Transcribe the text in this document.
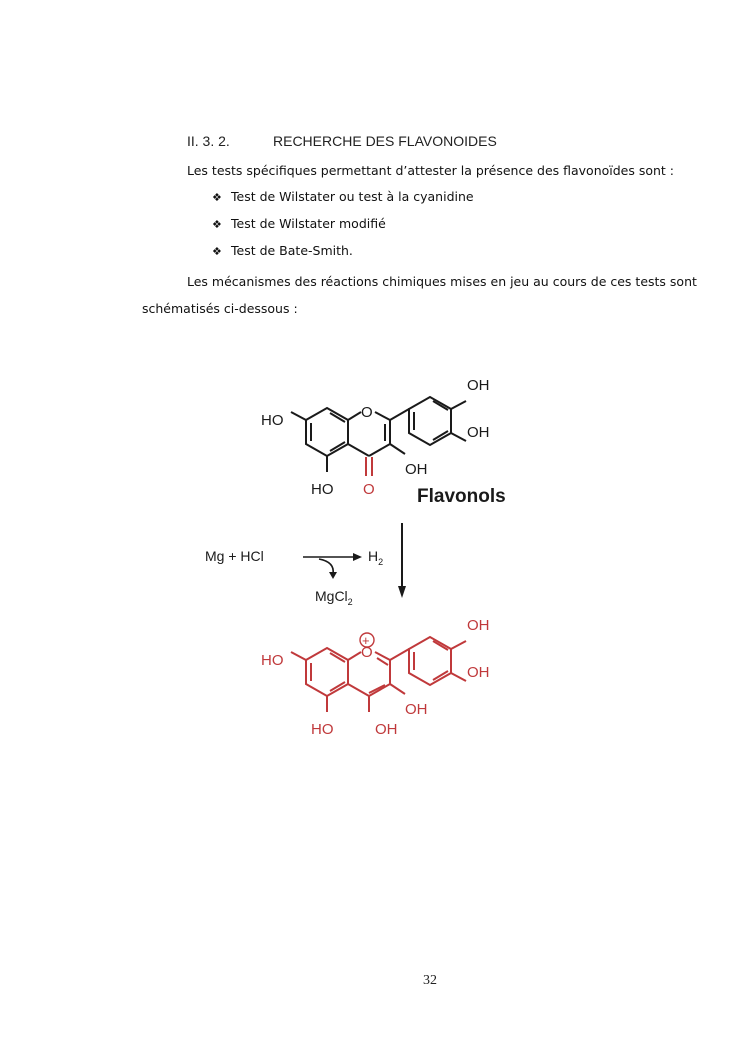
II. 3. 2.	RECHERCHE DES FLAVONOIDES
Les tests spécifiques permettant d’attester la présence des flavonoïdes sont :
❖ Test de Wilstater ou test à la cyanidine
❖ Test de Wilstater modifié
❖ Test de Bate-Smith.
Les mécanismes des réactions chimiques mises en jeu au cours de ces tests sont
schématisés ci-dessous :
O
OH
OH
HO
HO
OH
O Flavonols
Mg + HCl	$H_2$
MgCl$_2$
+
O
OH
OH
HO
HO
OH
OH
32
